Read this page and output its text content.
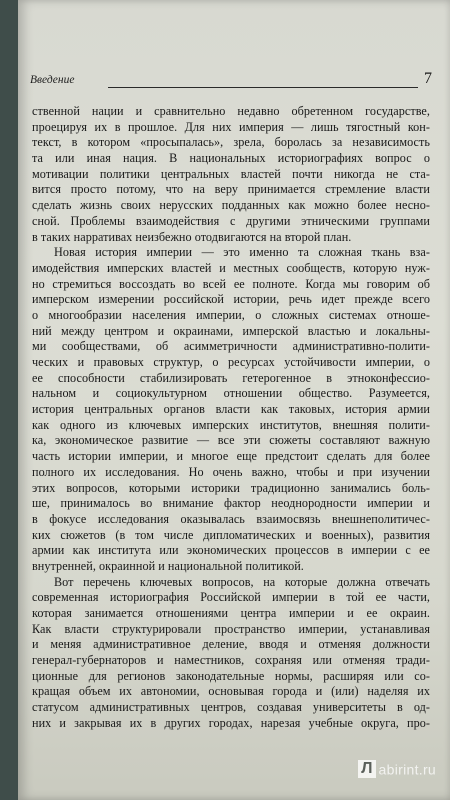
Введение	7
ственной нации и сравнительно недавно обретенном государстве,
проецируя их в прошлое. Для них империя — лишь тягостный кон-
текст, в котором «просыпалась», зрела, боролась за независимость
та или иная нация. В национальных историографиях вопрос о
мотивации политики центральных властей почти никогда не ста-
вится просто потому, что на веру принимается стремление власти
сделать жизнь своих нерусских подданных как можно более несно-
сной. Проблемы взаимодействия с другими этническими группами
в таких нарративах неизбежно отодвигаются на второй план.
Новая история империи — это именно та сложная ткань вза-
имодействия имперских властей и местных сообществ, которую нуж-
но стремиться воссоздать во всей ее полноте. Когда мы говорим об
имперском измерении российской истории, речь идет прежде всего
о многообразии населения империи, о сложных системах отноше-
ний между центром и окраинами, имперской властью и локальны-
ми сообществами, об асимметричности административно-полити-
ческих и правовых структур, о ресурсах устойчивости империи, о
ее способности стабилизировать гетерогенное в этноконфессио-
нальном и социокультурном отношении общество. Разумеется,
история центральных органов власти как таковых, история армии
как одного из ключевых имперских институтов, внешняя полити-
ка, экономическое развитие — все эти сюжеты составляют важную
часть истории империи, и многое еще предстоит сделать для более
полного их исследования. Но очень важно, чтобы и при изучении
этих вопросов, которыми историки традиционно занимались боль-
ше, принималось во внимание фактор неоднородности империи и
в фокусе исследования оказывалась взаимосвязь внешнеполитичес-
ких сюжетов (в том числе дипломатических и военных), развития
армии как института или экономических процессов в империи с ее
внутренней, окраинной и национальной политикой.
Вот перечень ключевых вопросов, на которые должна отвечать
современная историография Российской империи в той ее части,
которая занимается отношениями центра империи и ее окраин.
Как власти структурировали пространство империи, устанавливая
и меняя административное деление, вводя и отменяя должности
генерал-губернаторов и наместников, сохраняя или отменяя тради-
ционные для регионов законодательные нормы, расширяя или со-
кращая объем их автономии, основывая города и (или) наделяя их
статусом административных центров, создавая университеты в од-
них и закрывая их в других городах, нарезая учебные округа, про-
Л abirint.ru
